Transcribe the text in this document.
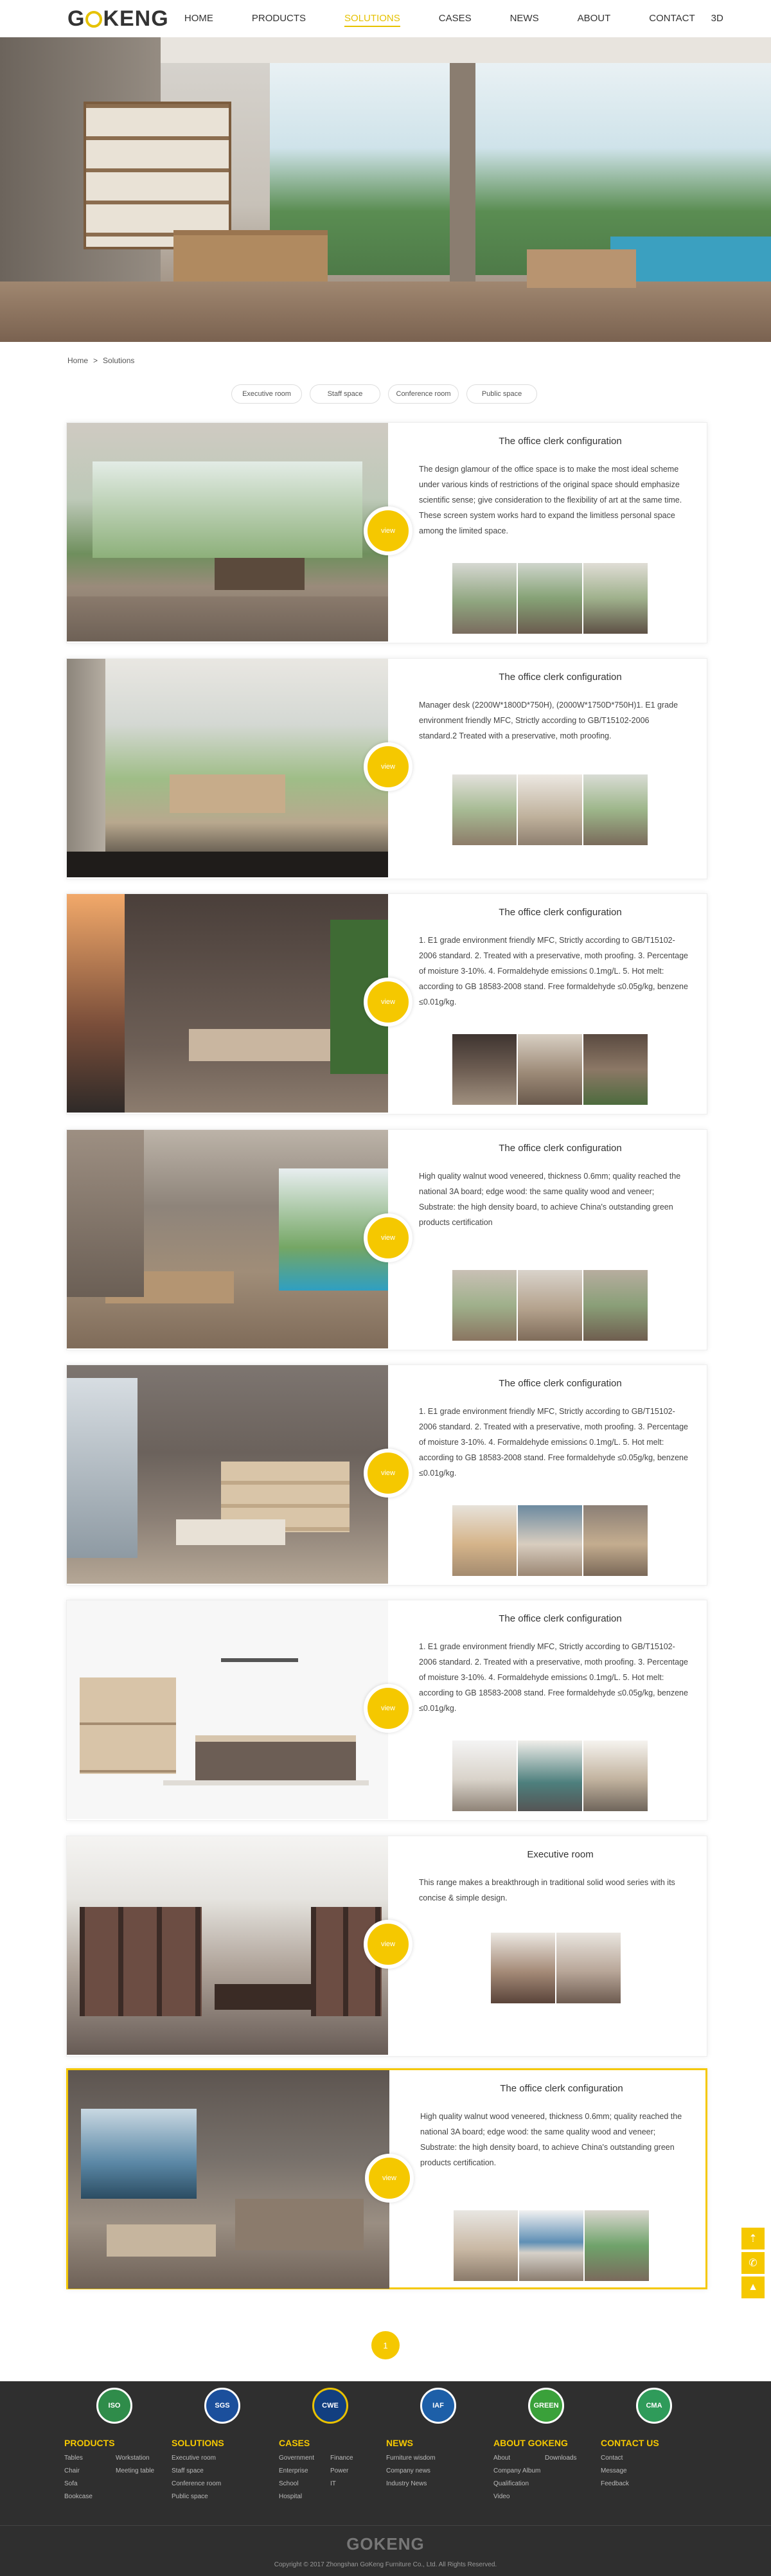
G KENG HOME	PRODUCTS	SOLUTIONS	CASES	NEWS	ABOUT	CONTACT 3D
Home > Solutions
Executive room	Staff space	Conference room	Public space
view
The office clerk configuration
The design glamour of the office space is to make the most ideal scheme under various kinds of restrictions of the original space should emphasize scientific sense; give consideration to the flexibility of art at the same time. These screen system works hard to expand the limitless personal space among the limited space.
view
The office clerk configuration
Manager desk (2200W*1800D*750H), (2000W*1750D*750H)1. E1 grade environment friendly MFC, Strictly according to GB/T15102-2006 standard.2 Treated with a preservative, moth proofing.
view
The office clerk configuration
1. E1 grade environment friendly MFC, Strictly according to GB/T15102-2006 standard. 2. Treated with a preservative, moth proofing. 3. Percentage of moisture 3-10%. 4. Formaldehyde emission≤ 0.1mg/L. 5. Hot melt: according to GB 18583-2008 stand. Free formaldehyde ≤0.05g/kg, benzene ≤0.01g/kg.
view
The office clerk configuration
High quality walnut wood veneered, thickness 0.6mm; quality reached the national 3A board; edge wood: the same quality wood and veneer; Substrate: the high density board, to achieve China's outstanding green products certification
view
The office clerk configuration
1. E1 grade environment friendly MFC, Strictly according to GB/T15102-2006 standard. 2. Treated with a preservative, moth proofing. 3. Percentage of moisture 3-10%. 4. Formaldehyde emission≤ 0.1mg/L. 5. Hot melt: according to GB 18583-2008 stand. Free formaldehyde ≤0.05g/kg, benzene ≤0.01g/kg.
view
The office clerk configuration
1. E1 grade environment friendly MFC, Strictly according to GB/T15102-2006 standard. 2. Treated with a preservative, moth proofing. 3. Percentage of moisture 3-10%. 4. Formaldehyde emission≤ 0.1mg/L. 5. Hot melt: according to GB 18583-2008 stand. Free formaldehyde ≤0.05g/kg, benzene ≤0.01g/kg.
view
Executive room
This range makes a breakthrough in traditional solid wood series with its concise & simple design.
view
The office clerk configuration
High quality walnut wood veneered, thickness 0.6mm; quality reached the national 3A board; edge wood: the same quality wood and veneer; Substrate: the high density board, to achieve China's outstanding green products certification.
1
⇡
✆
▲
ISO	SGS	CWE	IAF	GREEN	CMA
PRODUCTS
Tables	Workstation
Chair	Meeting table
Sofa
Bookcase
SOLUTIONS
Executive room
Staff space
Conference room
Public space
CASES
Government	Finance
Enterprise	Power
School	IT
Hospital
NEWS
Furniture wisdom
Company news
Industry News
ABOUT GOKENG
About	Downloads
Company Album
Qualification
Video
CONTACT US
Contact
Message
Feedback
GOKENG
Copyright © 2017 Zhongshan GoKeng Furniture Co., Ltd. All Rights Reserved.
